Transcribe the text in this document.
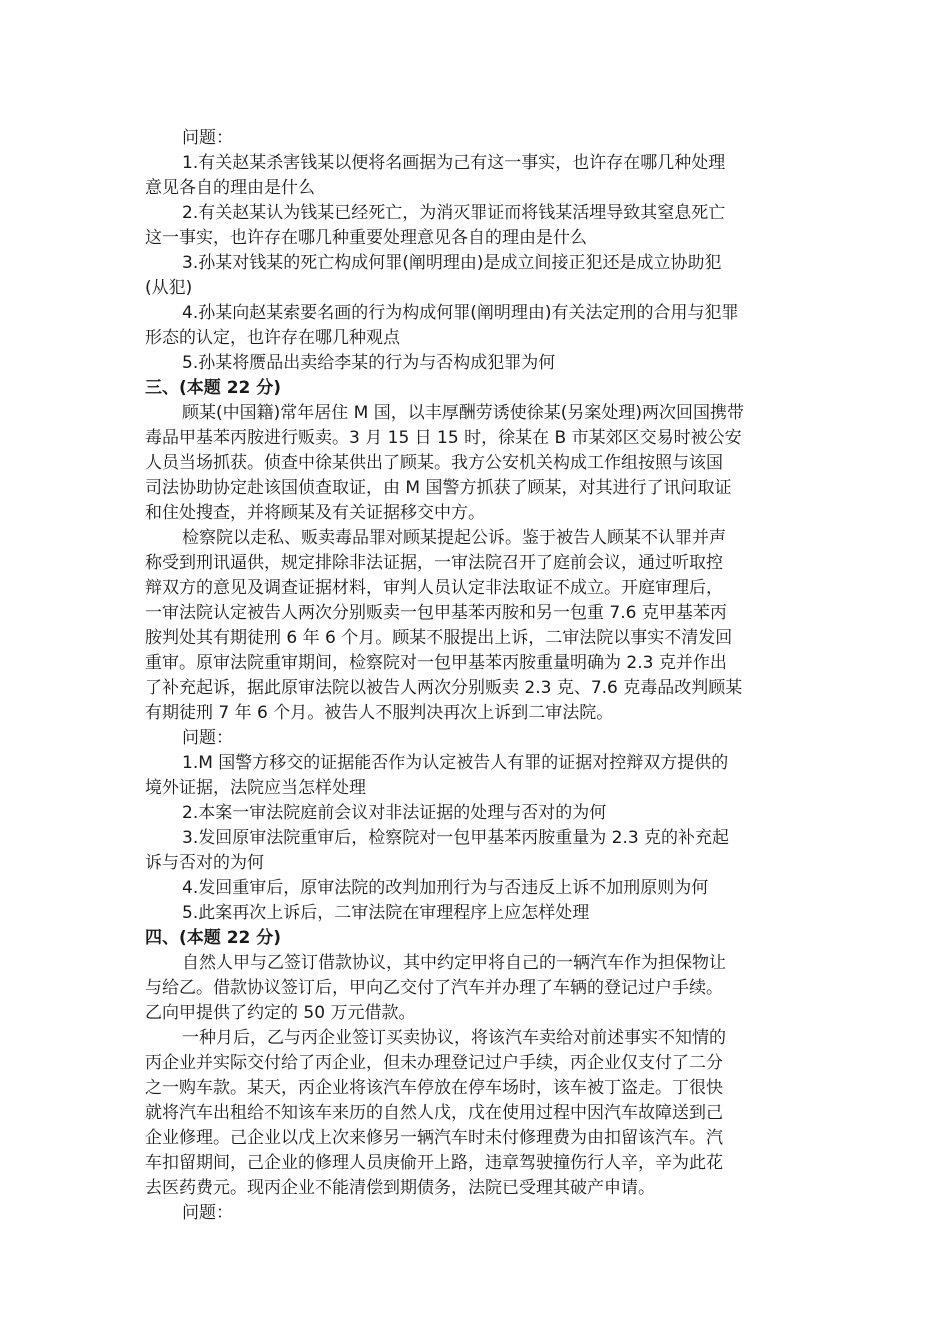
问题：
1.有关赵某杀害钱某以便将名画据为己有这一事实，也许存在哪几种处理
意见各自的理由是什么
2.有关赵某认为钱某已经死亡，为消灭罪证而将钱某活埋导致其窒息死亡
这一事实，也许存在哪几种重要处理意见各自的理由是什么
3.孙某对钱某的死亡构成何罪(阐明理由)是成立间接正犯还是成立协助犯
(从犯)
4.孙某向赵某索要名画的行为构成何罪(阐明理由)有关法定刑的合用与犯罪
形态的认定，也许存在哪几种观点
5.孙某将赝品出卖给李某的行为与否构成犯罪为何
三、(本题 22 分)
顾某(中国籍)常年居住 M 国，以丰厚酬劳诱使徐某(另案处理)两次回国携带
毒品甲基苯丙胺进行贩卖。3 月 15 日 15 时，徐某在 B 市某郊区交易时被公安
人员当场抓获。侦查中徐某供出了顾某。我方公安机关构成工作组按照与该国
司法协助协定赴该国侦查取证，由 M 国警方抓获了顾某，对其进行了讯问取证
和住处搜查，并将顾某及有关证据移交中方。
检察院以走私、贩卖毒品罪对顾某提起公诉。鉴于被告人顾某不认罪并声
称受到刑讯逼供，规定排除非法证据，一审法院召开了庭前会议，通过听取控
辩双方的意见及调查证据材料，审判人员认定非法取证不成立。开庭审理后，
一审法院认定被告人两次分别贩卖一包甲基苯丙胺和另一包重 7.6 克甲基苯丙
胺判处其有期徒刑 6 年 6 个月。顾某不服提出上诉，二审法院以事实不清发回
重审。原审法院重审期间，检察院对一包甲基苯丙胺重量明确为 2.3 克并作出
了补充起诉，据此原审法院以被告人两次分别贩卖 2.3 克、7.6 克毒品改判顾某
有期徒刑 7 年 6 个月。被告人不服判决再次上诉到二审法院。
问题：
1.M 国警方移交的证据能否作为认定被告人有罪的证据对控辩双方提供的
境外证据，法院应当怎样处理
2.本案一审法院庭前会议对非法证据的处理与否对的为何
3.发回原审法院重审后，检察院对一包甲基苯丙胺重量为 2.3 克的补充起
诉与否对的为何
4.发回重审后，原审法院的改判加刑行为与否违反上诉不加刑原则为何
5.此案再次上诉后，二审法院在审理程序上应怎样处理
四、(本题 22 分)
自然人甲与乙签订借款协议，其中约定甲将自己的一辆汽车作为担保物让
与给乙。借款协议签订后，甲向乙交付了汽车并办理了车辆的登记过户手续。
乙向甲提供了约定的 50 万元借款。
一种月后，乙与丙企业签订买卖协议，将该汽车卖给对前述事实不知情的
丙企业并实际交付给了丙企业，但未办理登记过户手续，丙企业仅支付了二分
之一购车款。某天，丙企业将该汽车停放在停车场时，该车被丁盗走。丁很快
就将汽车出租给不知该车来历的自然人戊，戊在使用过程中因汽车故障送到己
企业修理。己企业以戊上次来修另一辆汽车时未付修理费为由扣留该汽车。汽
车扣留期间，己企业的修理人员庚偷开上路，违章驾驶撞伤行人辛，辛为此花
去医药费元。现丙企业不能清偿到期债务，法院已受理其破产申请。
问题：
